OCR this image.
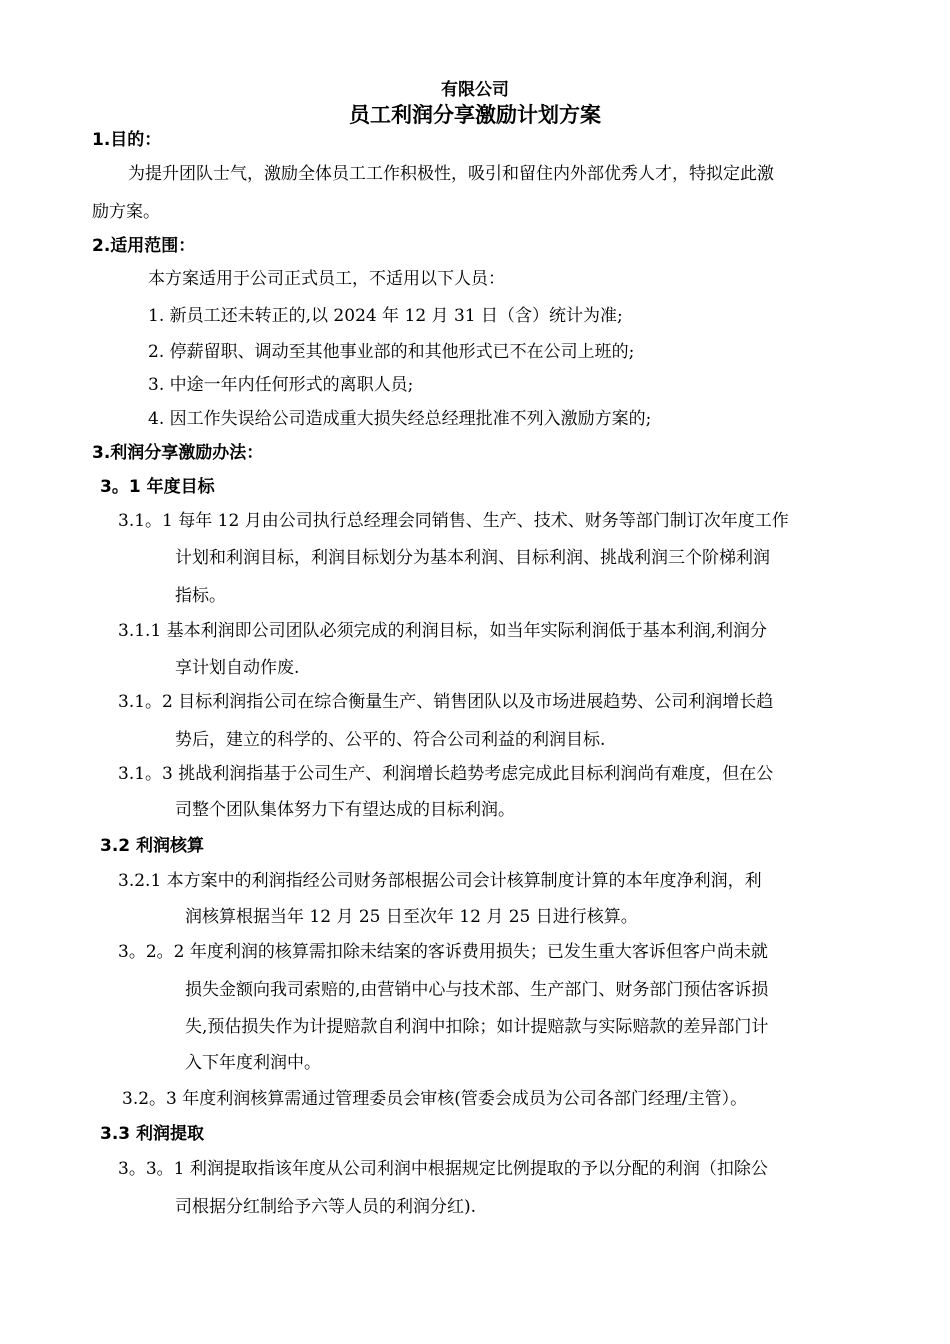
有限公司
员工利润分享激励计划方案
1.目的：
为提升团队士气，激励全体员工工作积极性，吸引和留住内外部优秀人才，特拟定此激
励方案。
2.适用范围：
本方案适用于公司正式员工，不适用以下人员：
1. 新员工还未转正的,以 2024 年 12 月 31 日（含）统计为准;
2. 停薪留职、调动至其他事业部的和其他形式已不在公司上班的;
3. 中途一年内任何形式的离职人员;
4. 因工作失误给公司造成重大损失经总经理批准不列入激励方案的;
3.利润分享激励办法：
3。1 年度目标
3.1。1 每年 12 月由公司执行总经理会同销售、生产、技术、财务等部门制订次年度工作
计划和利润目标，利润目标划分为基本利润、目标利润、挑战利润三个阶梯利润
指标。
3.1.1 基本利润即公司团队必须完成的利润目标，如当年实际利润低于基本利润,利润分
享计划自动作废.
3.1。2 目标利润指公司在综合衡量生产、销售团队以及市场进展趋势、公司利润增长趋
势后，建立的科学的、公平的、符合公司利益的利润目标.
3.1。3 挑战利润指基于公司生产、利润增长趋势考虑完成此目标利润尚有难度，但在公
司整个团队集体努力下有望达成的目标利润。
3.2 利润核算
3.2.1 本方案中的利润指经公司财务部根据公司会计核算制度计算的本年度净利润，利
润核算根据当年 12 月 25 日至次年 12 月 25 日进行核算。
3。2。2 年度利润的核算需扣除未结案的客诉费用损失；已发生重大客诉但客户尚未就
损失金额向我司索赔的,由营销中心与技术部、生产部门、财务部门预估客诉损
失,预估损失作为计提赔款自利润中扣除；如计提赔款与实际赔款的差异部门计
入下年度利润中。
3.2。3 年度利润核算需通过管理委员会审核(管委会成员为公司各部门经理/主管）。
3.3 利润提取
3。3。1 利润提取指该年度从公司利润中根据规定比例提取的予以分配的利润（扣除公
司根据分红制给予六等人员的利润分红).
